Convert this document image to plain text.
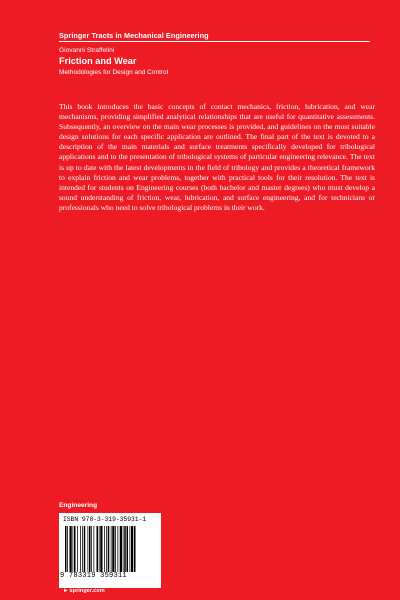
Springer Tracts in Mechanical Engineering
Giovanni Straffelini
Friction and Wear
Methodologies for Design and Control
This book introduces the basic concepts of contact mechanics, friction, lubrication, and wear mechanisms, providing simplified analytical relationships that are useful for quantitative assessments. Subsequently, an overview on the main wear processes is provided, and guidelines on the most suitable design solutions for each specific application are outlined. The final part of the text is devoted to a description of the main materials and surface treatments specifically developed for tribological applications and to the presentation of tribological systems of particular engineering relevance. The text is up to date with the latest developments in the field of tribology and provides a theoretical framework to explain friction and wear problems, together with practical tools for their resolution. The text is intended for students on Engineering courses (both bachelor and master degrees) who must develop a sound understanding of friction, wear, lubrication, and surface engineering, and for technicians or professionals who need to solve tribological problems in their work.
Engineering
ISBN 978-3-319-35931-1
9 783319 359311
►springer.com
